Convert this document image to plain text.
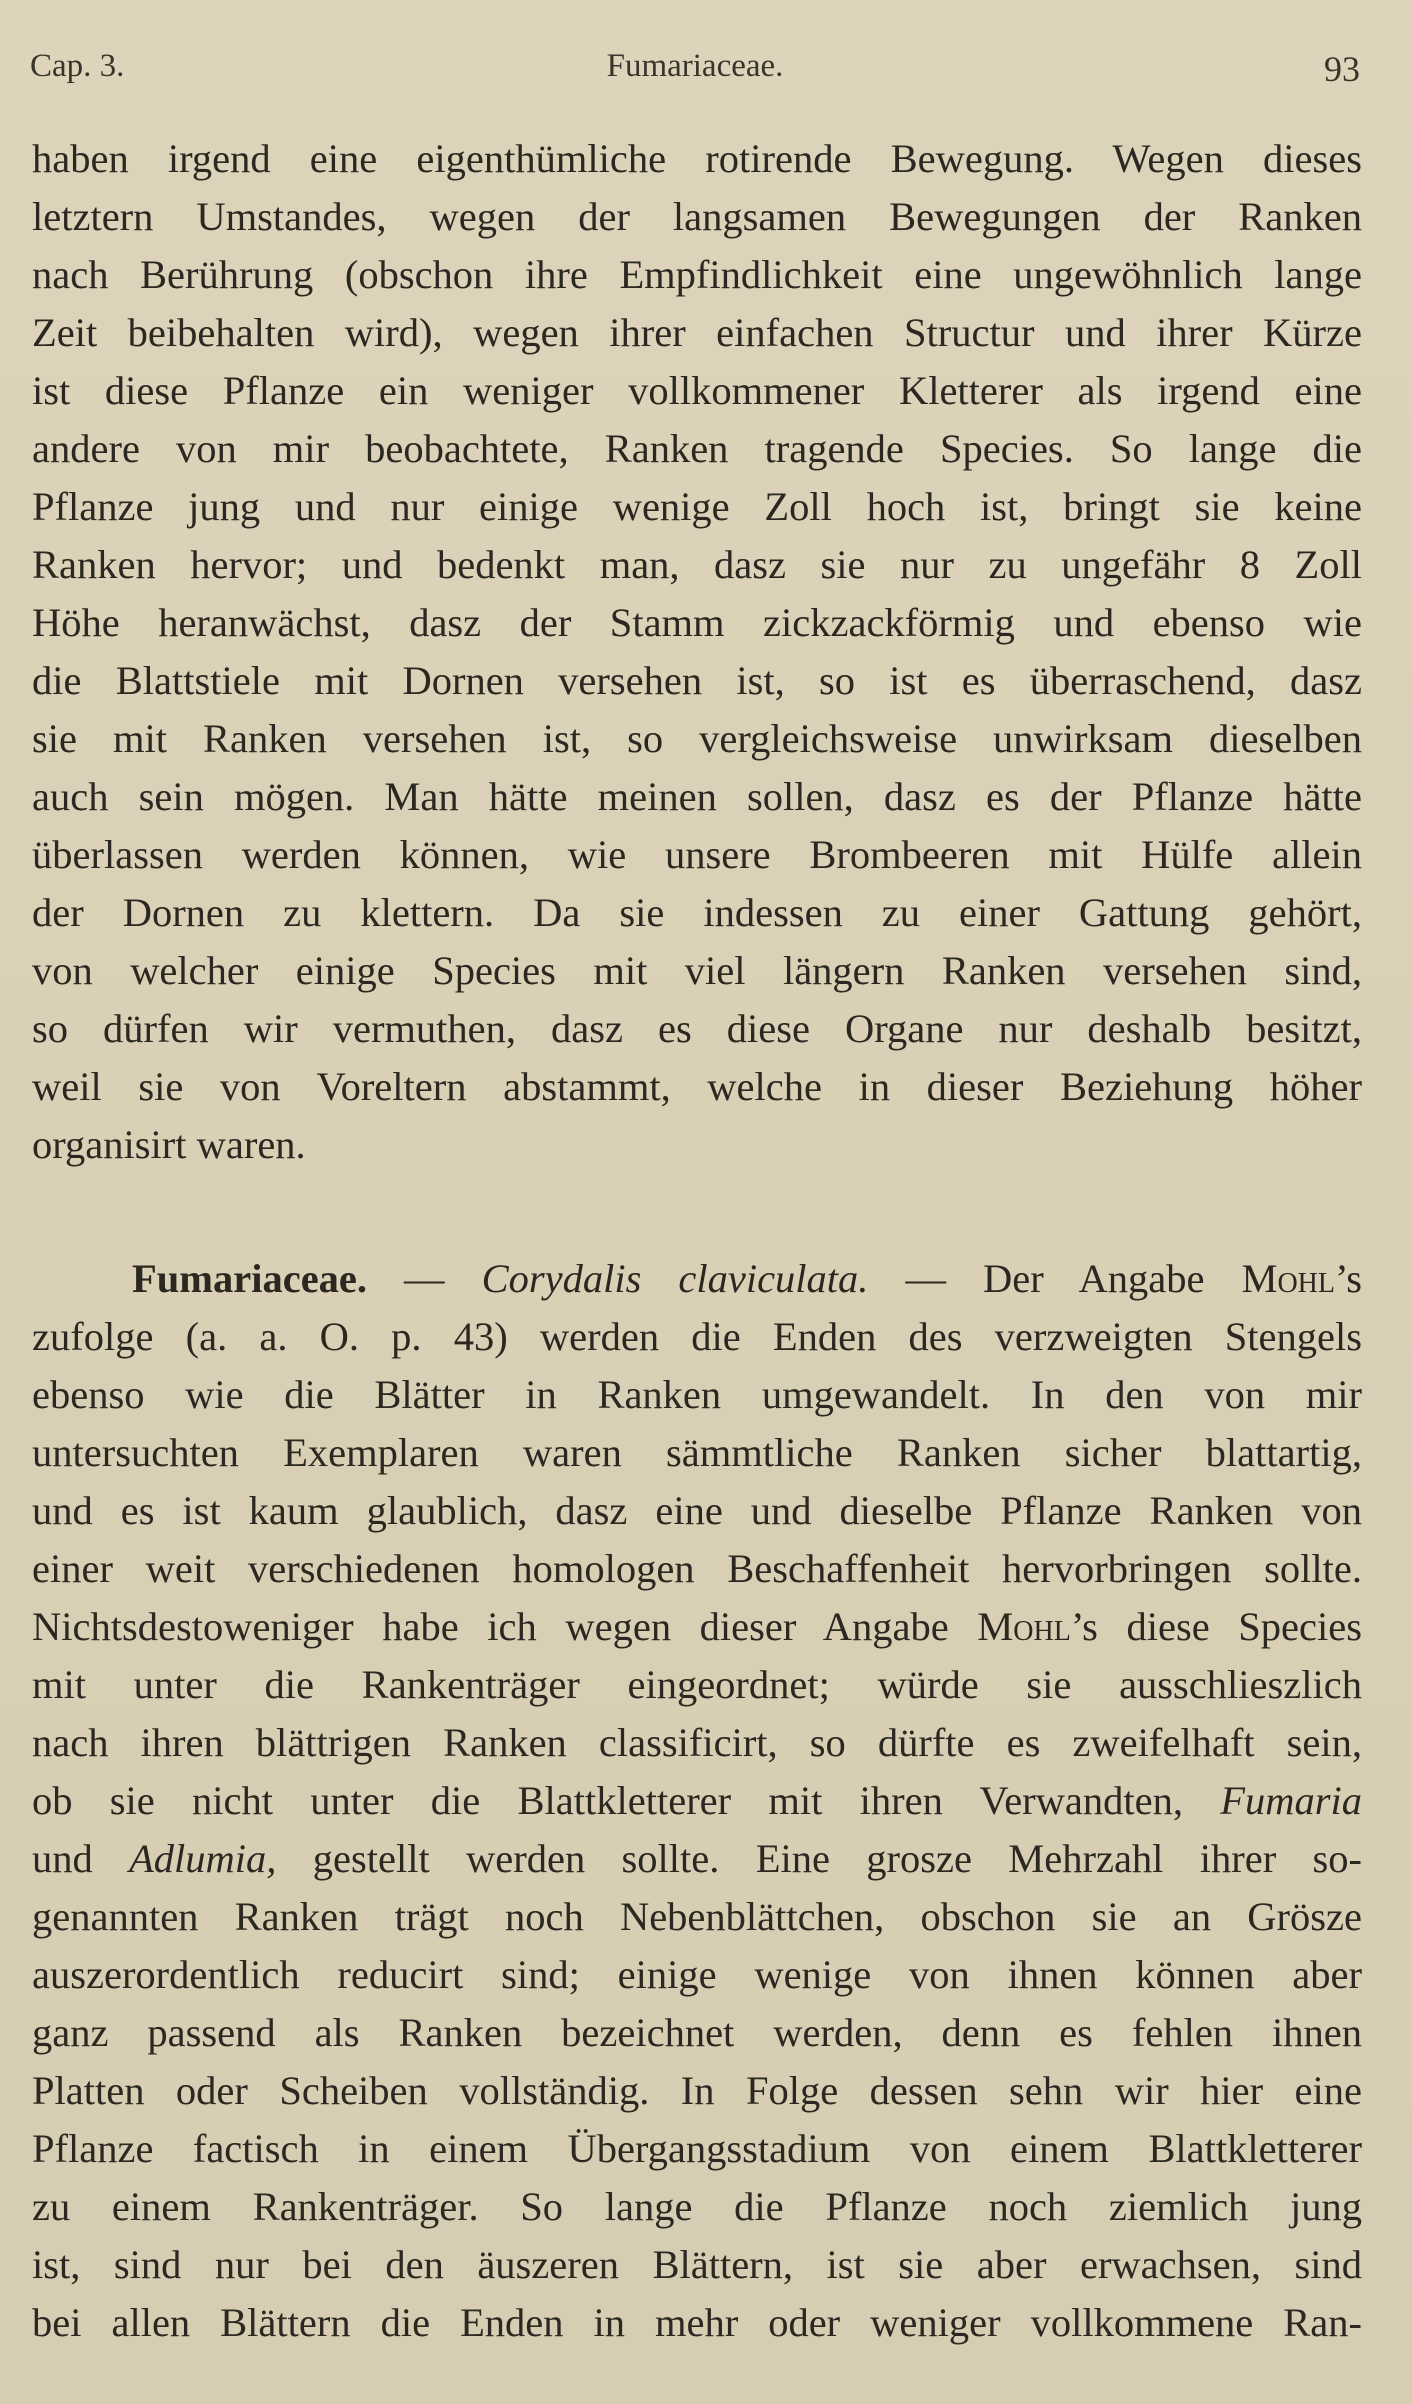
Cap. 3.	Fumariaceae.	93
haben irgend eine eigenthümliche rotirende Bewegung. Wegen dieses
letztern Umstandes, wegen der langsamen Bewegungen der Ranken
nach Berührung (obschon ihre Empfindlichkeit eine ungewöhnlich lange
Zeit beibehalten wird), wegen ihrer einfachen Structur und ihrer Kürze
ist diese Pflanze ein weniger vollkommener Kletterer als irgend eine
andere von mir beobachtete, Ranken tragende Species. So lange die
Pflanze jung und nur einige wenige Zoll hoch ist, bringt sie keine
Ranken hervor; und bedenkt man, dasz sie nur zu ungefähr 8 Zoll
Höhe heranwächst, dasz der Stamm zickzackförmig und ebenso wie
die Blattstiele mit Dornen versehen ist, so ist es überraschend, dasz
sie mit Ranken versehen ist, so vergleichsweise unwirksam dieselben
auch sein mögen. Man hätte meinen sollen, dasz es der Pflanze hätte
überlassen werden können, wie unsere Brombeeren mit Hülfe allein
der Dornen zu klettern. Da sie indessen zu einer Gattung gehört,
von welcher einige Species mit viel längern Ranken versehen sind,
so dürfen wir vermuthen, dasz es diese Organe nur deshalb besitzt,
weil sie von Voreltern abstammt, welche in dieser Beziehung höher
organisirt waren.
Fumariaceae. — Corydalis claviculata. — Der Angabe Mohl’s
zufolge (a. a. O. p. 43) werden die Enden des verzweigten Stengels
ebenso wie die Blätter in Ranken umgewandelt. In den von mir
untersuchten Exemplaren waren sämmtliche Ranken sicher blattartig,
und es ist kaum glaublich, dasz eine und dieselbe Pflanze Ranken von
einer weit verschiedenen homologen Beschaffenheit hervorbringen sollte.
Nichtsdestoweniger habe ich wegen dieser Angabe Mohl’s diese Species
mit unter die Rankenträger eingeordnet; würde sie ausschlieszlich
nach ihren blättrigen Ranken classificirt, so dürfte es zweifelhaft sein,
ob sie nicht unter die Blattkletterer mit ihren Verwandten, Fumaria
und Adlumia, gestellt werden sollte. Eine grosze Mehrzahl ihrer so-
genannten Ranken trägt noch Nebenblättchen, obschon sie an Grösze
auszerordentlich reducirt sind; einige wenige von ihnen können aber
ganz passend als Ranken bezeichnet werden, denn es fehlen ihnen
Platten oder Scheiben vollständig. In Folge dessen sehn wir hier eine
Pflanze factisch in einem Übergangsstadium von einem Blattkletterer
zu einem Rankenträger. So lange die Pflanze noch ziemlich jung
ist, sind nur bei den äuszeren Blättern, ist sie aber erwachsen, sind
bei allen Blättern die Enden in mehr oder weniger vollkommene Ran-
